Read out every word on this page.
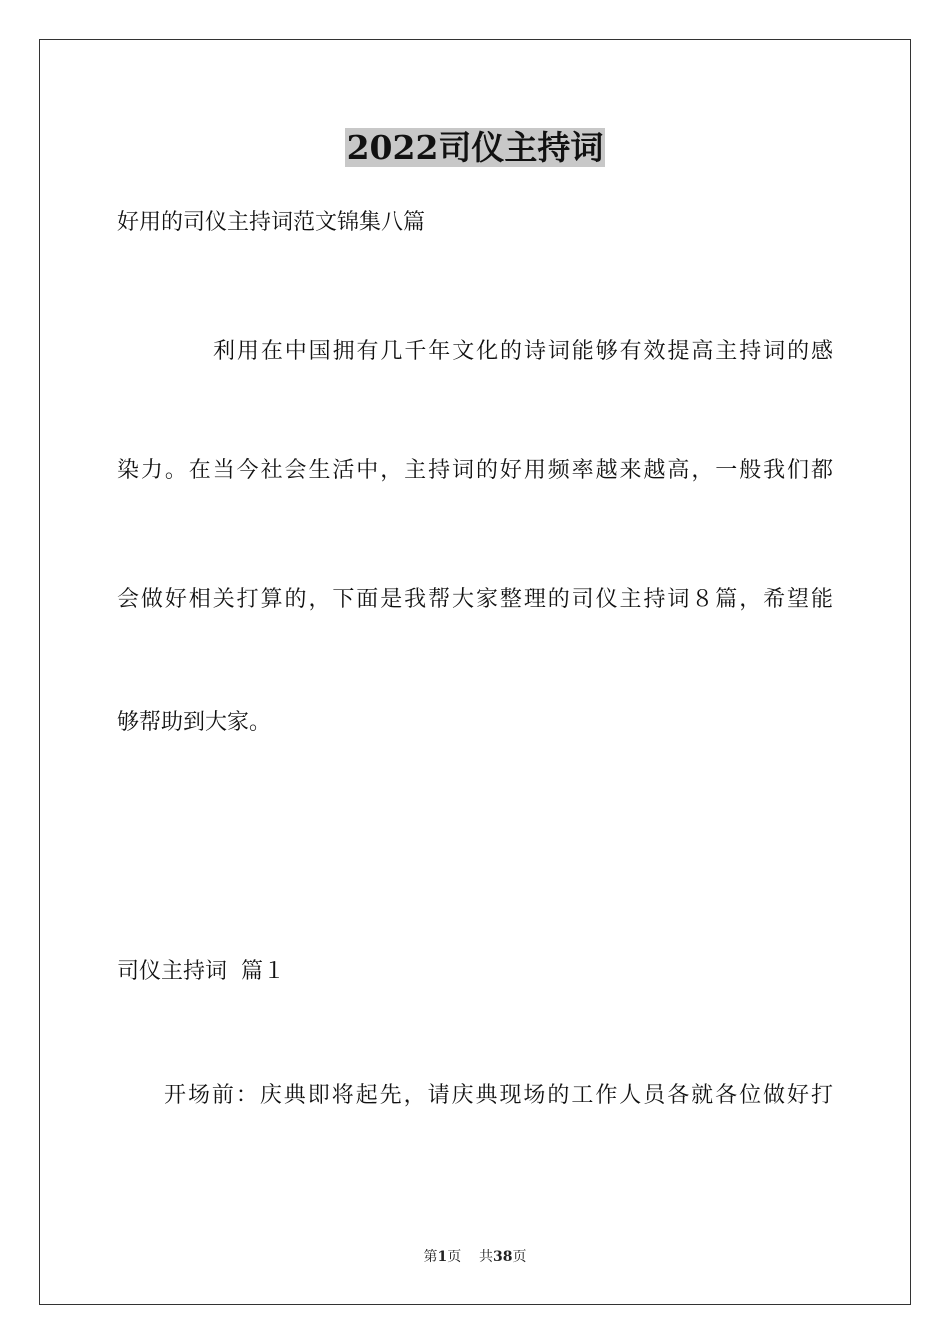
2022司仪主持词
好用的司仪主持词范文锦集八篇
利用在中国拥有几千年文化的诗词能够有效提高主持词的感
染力。在当今社会生活中，主持词的好用频率越来越高，一般我们都
会做好相关打算的，下面是我帮大家整理的司仪主持词８篇，希望能
够帮助到大家。
司仪主持词  篇１
开场前：庆典即将起先，请庆典现场的工作人员各就各位做好打
第1页 共38页
